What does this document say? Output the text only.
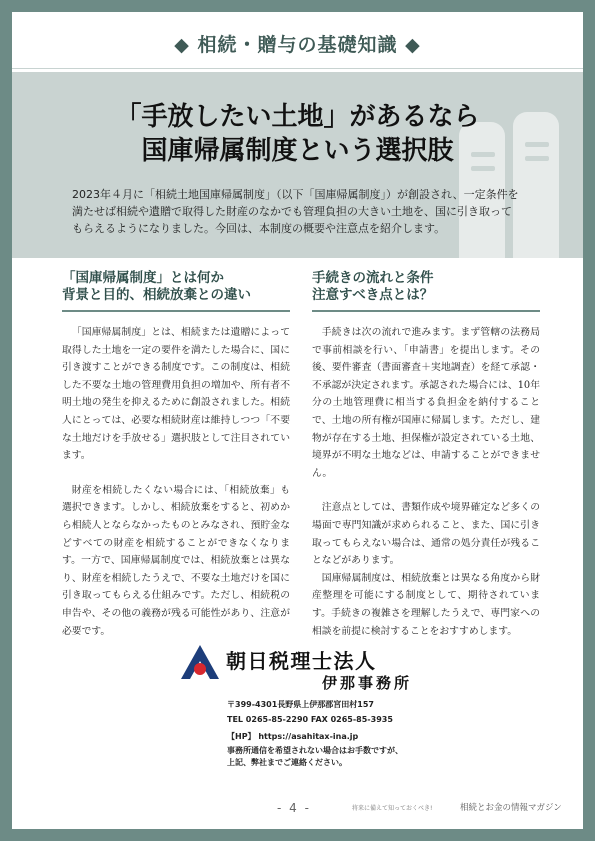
◆ 相続・贈与の基礎知識 ◆
「手放したい土地」があるなら
国庫帰属制度という選択肢
2023年４月に「相続土地国庫帰属制度」（以下「国庫帰属制度」）が創設され、一定条件を満たせば相続や遺贈で取得した財産のなかでも管理負担の大きい土地を、国に引き取ってもらえるようになりました。今回は、本制度の概要や注意点を紹介します。
「国庫帰属制度」とは何か
背景と目的、相続放棄との違い

「国庫帰属制度」とは、相続または遺贈によって取得した土地を一定の要件を満たした場合に、国に引き渡すことができる制度です。この制度は、相続した不要な土地の管理費用負担の増加や、所有者不明土地の発生を抑えるために創設されました。相続人にとっては、必要な相続財産は維持しつつ「不要な土地だけを手放せる」選択肢として注目されています。

財産を相続したくない場合には、「相続放棄」も選択できます。しかし、相続放棄をすると、初めから相続人とならなかったものとみなされ、預貯金などすべての財産を相続することができなくなります。一方で、国庫帰属制度では、相続放棄とは異なり、財産を相続したうえで、不要な土地だけを国に引き取ってもらえる仕組みです。ただし、相続税の申告や、その他の義務が残る可能性があり、注意が必要です。

手続きの流れと条件
注意すべき点とは？

手続きは次の流れで進みます。まず管轄の法務局で事前相談を行い、「申請書」を提出します。その後、要件審査（書面審査＋実地調査）を経て承認・不承認が決定されます。承認された場合には、10年分の土地管理費に相当する負担金を納付することで、土地の所有権が国庫に帰属します。ただし、建物が存在する土地、担保権が設定されている土地、境界が不明な土地などは、申請することができません。

注意点としては、書類作成や境界確定など多くの場面で専門知識が求められること、また、国に引き取ってもらえない場合は、通常の処分責任が残ることなどがあります。

国庫帰属制度は、相続放棄とは異なる角度から財産整理を可能にする制度として、期待されています。手続きの複雑さを理解したうえで、専門家への相談を前提に検討することをおすすめします。

朝日税理士法人
伊那事務所
〒399-4301長野県上伊那郡宮田村157
TEL 0265-85-2290 FAX 0265-85-3935
【HP】 https://asahitax-ina.jp
事務所通信を希望されない場合はお手数ですが、
上記、弊社までご連絡ください。
- 4 -	将来に備えて知っておくべき!	相続とお金の情報マガジン
